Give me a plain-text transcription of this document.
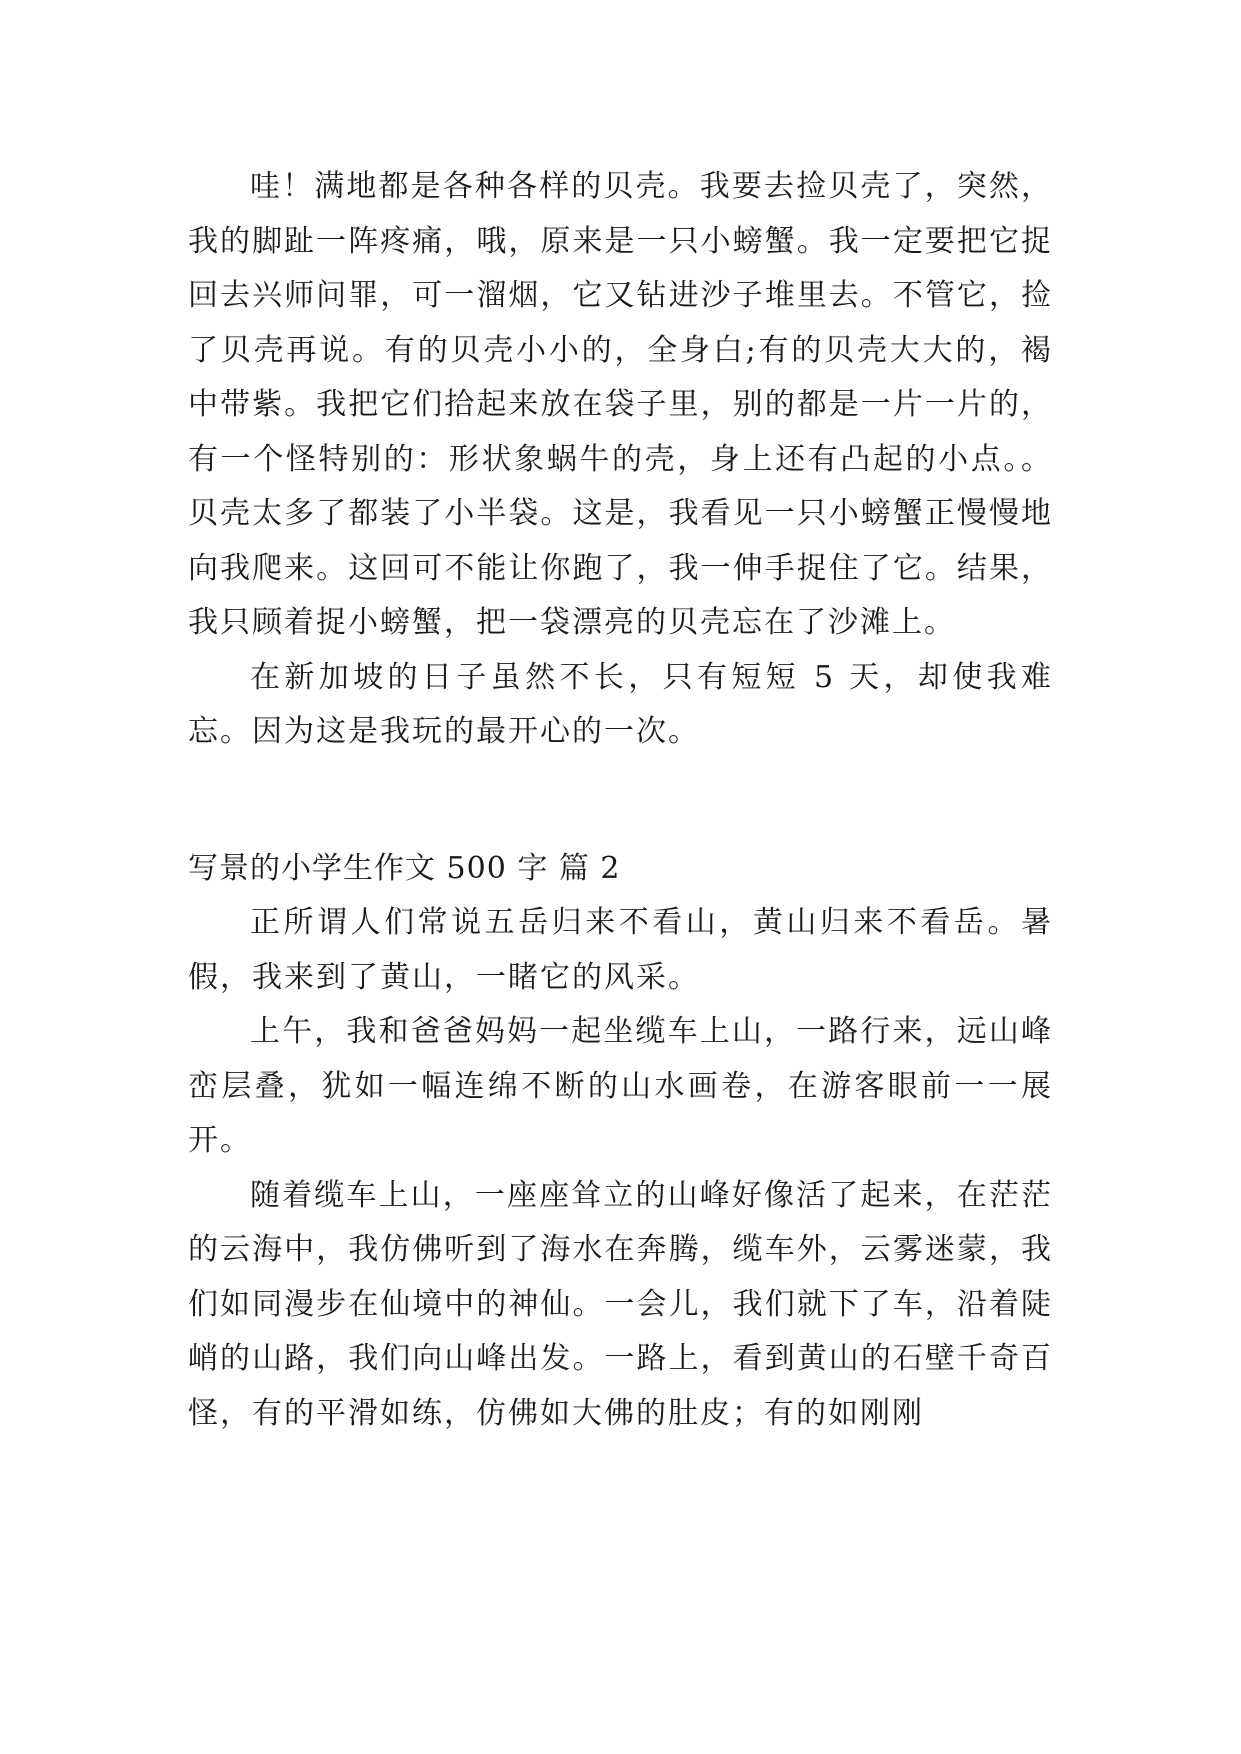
哇！满地都是各种各样的贝壳。我要去捡贝壳了，突然，我的脚趾一阵疼痛，哦，原来是一只小螃蟹。我一定要把它捉回去兴师问罪，可一溜烟，它又钻进沙子堆里去。不管它，捡了贝壳再说。有的贝壳小小的，全身白;有的贝壳大大的，褐中带紫。我把它们拾起来放在袋子里，别的都是一片一片的，有一个怪特别的：形状象蜗牛的壳，身上还有凸起的小点。。贝壳太多了都装了小半袋。这是，我看见一只小螃蟹正慢慢地向我爬来。这回可不能让你跑了，我一伸手捉住了它。结果，我只顾着捉小螃蟹，把一袋漂亮的贝壳忘在了沙滩上。

在新加坡的日子虽然不长，只有短短 5 天，却使我难忘。因为这是我玩的最开心的一次。

写景的小学生作文 500 字 篇 2

正所谓人们常说五岳归来不看山，黄山归来不看岳。暑假，我来到了黄山，一睹它的风采。

上午，我和爸爸妈妈一起坐缆车上山，一路行来，远山峰峦层叠，犹如一幅连绵不断的山水画卷，在游客眼前一一展开。

随着缆车上山，一座座耸立的山峰好像活了起来，在茫茫的云海中，我仿佛听到了海水在奔腾，缆车外，云雾迷蒙，我们如同漫步在仙境中的神仙。一会儿，我们就下了车，沿着陡峭的山路，我们向山峰出发。一路上，看到黄山的石壁千奇百怪，有的平滑如练，仿佛如大佛的肚皮；有的如刚刚
